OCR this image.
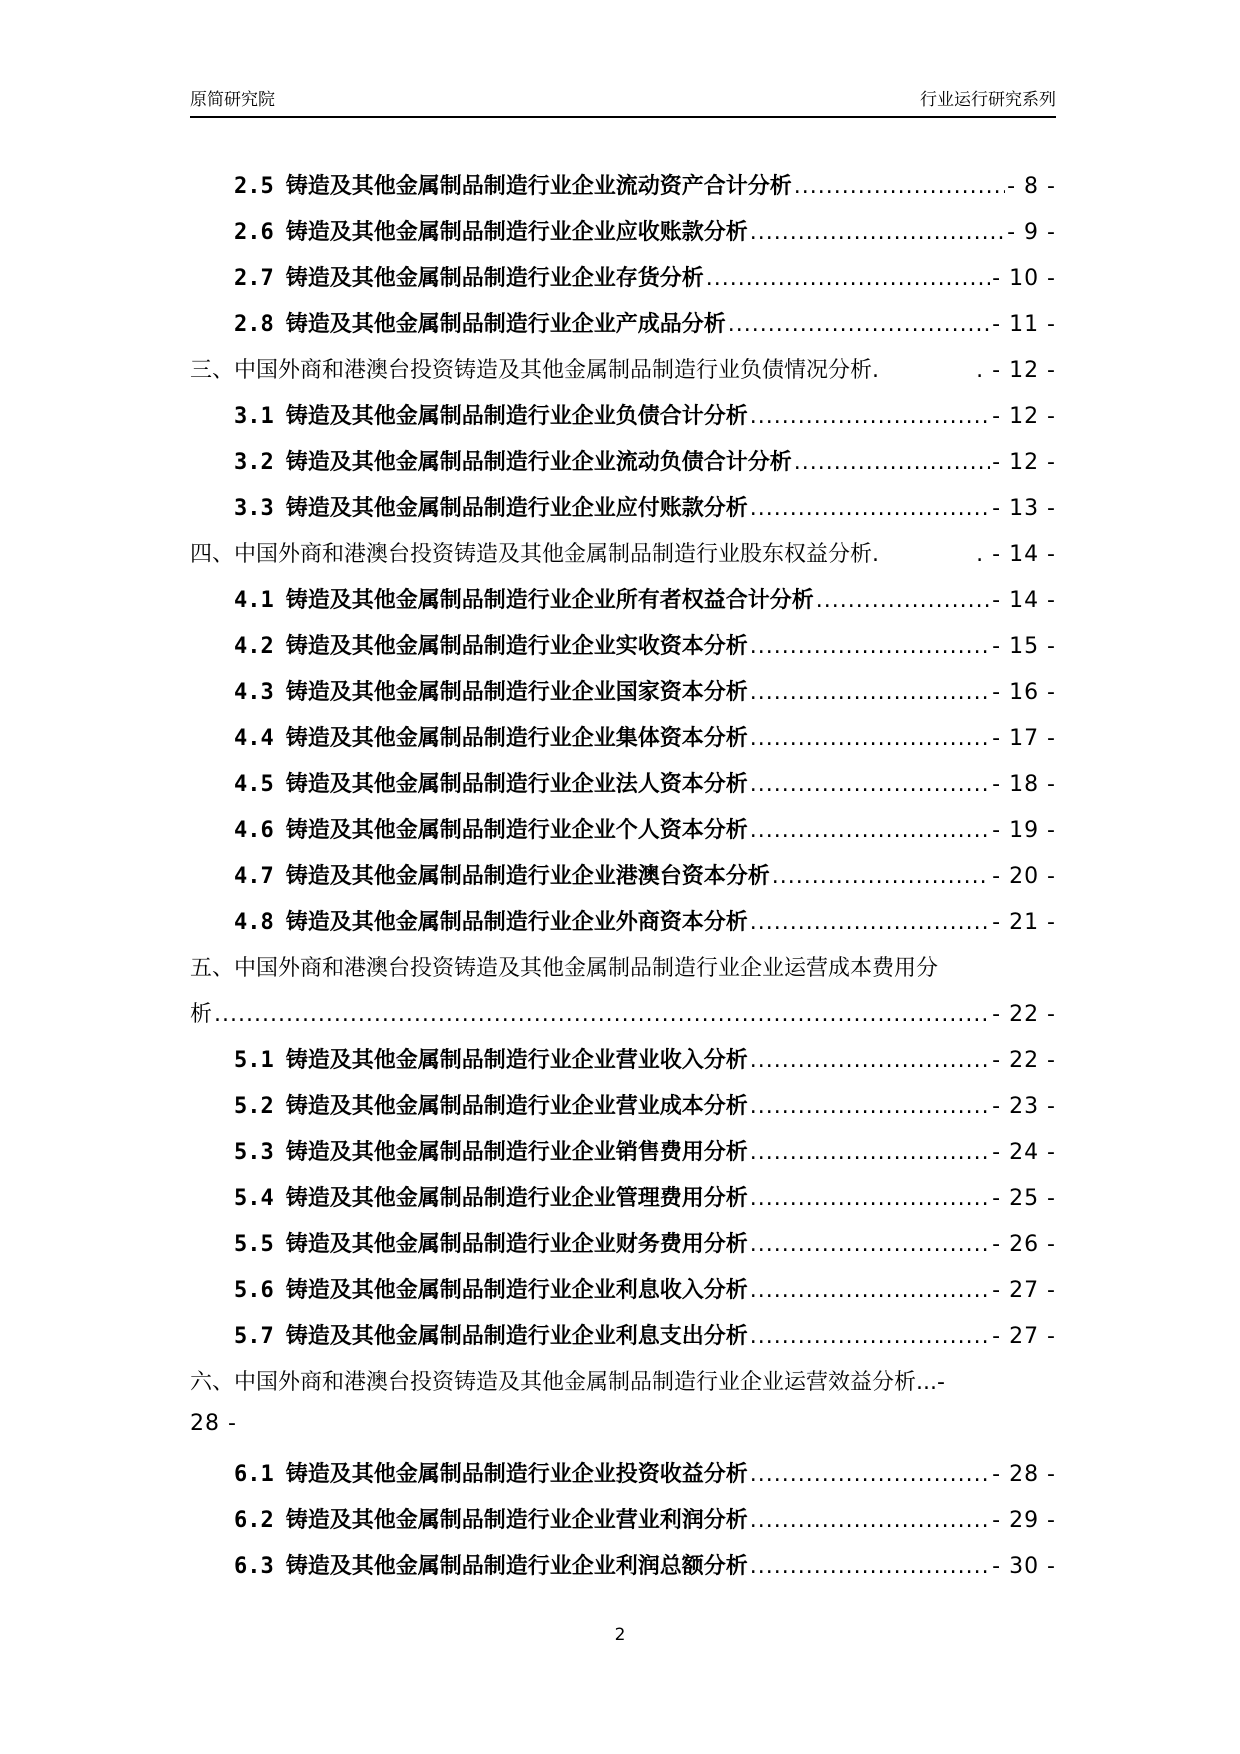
原简研究院	行业运行研究系列
2.5 铸造及其他金属制品制造行业企业流动资产合计分析 .....	- 8 -
2.6 铸造及其他金属制品制造行业企业应收账款分析 .....	- 9 -
2.7 铸造及其他金属制品制造行业企业存货分析 .....	- 10 -
2.8 铸造及其他金属制品制造行业企业产成品分析 .....	- 11 -
三、中国外商和港澳台投资铸造及其他金属制品制造行业负债情况分析.	. - 12 -
3.1 铸造及其他金属制品制造行业企业负债合计分析 .....	- 12 -
3.2 铸造及其他金属制品制造行业企业流动负债合计分析 .....	- 12 -
3.3 铸造及其他金属制品制造行业企业应付账款分析 .....	- 13 -
四、中国外商和港澳台投资铸造及其他金属制品制造行业股东权益分析.	. - 14 -
4.1 铸造及其他金属制品制造行业企业所有者权益合计分析 .....	- 14 -
4.2 铸造及其他金属制品制造行业企业实收资本分析 .....	- 15 -
4.3 铸造及其他金属制品制造行业企业国家资本分析 .....	- 16 -
4.4 铸造及其他金属制品制造行业企业集体资本分析 .....	- 17 -
4.5 铸造及其他金属制品制造行业企业法人资本分析 .....	- 18 -
4.6 铸造及其他金属制品制造行业企业个人资本分析 .....	- 19 -
4.7 铸造及其他金属制品制造行业企业港澳台资本分析 .....	- 20 -
4.8 铸造及其他金属制品制造行业企业外商资本分析 .....	- 21 -
五、中国外商和港澳台投资铸造及其他金属制品制造行业企业运营成本费用分
析 .....	- 22 -
5.1 铸造及其他金属制品制造行业企业营业收入分析 .....	- 22 -
5.2 铸造及其他金属制品制造行业企业营业成本分析 .....	- 23 -
5.3 铸造及其他金属制品制造行业企业销售费用分析 .....	- 24 -
5.4 铸造及其他金属制品制造行业企业管理费用分析 .....	- 25 -
5.5 铸造及其他金属制品制造行业企业财务费用分析 .....	- 26 -
5.6 铸造及其他金属制品制造行业企业利息收入分析 .....	- 27 -
5.7 铸造及其他金属制品制造行业企业利息支出分析 .....	- 27 -
六、中国外商和港澳台投资铸造及其他金属制品制造行业企业运营效益分析...-
28 -
6.1 铸造及其他金属制品制造行业企业投资收益分析 .....	- 28 -
6.2 铸造及其他金属制品制造行业企业营业利润分析 .....	- 29 -
6.3 铸造及其他金属制品制造行业企业利润总额分析 .....	- 30 -
2
